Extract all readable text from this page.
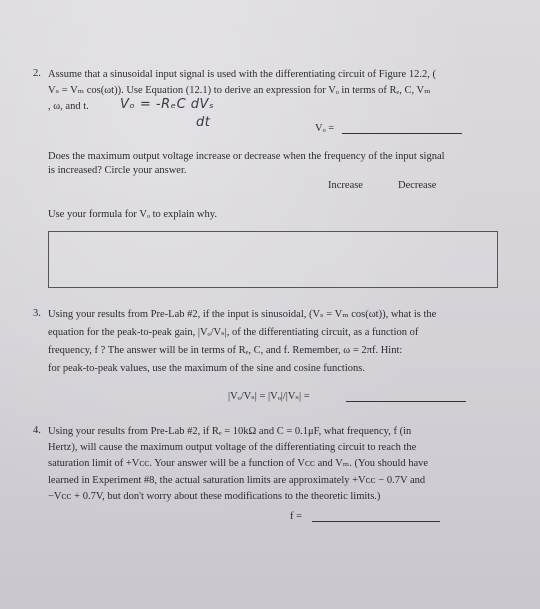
2. Assume that a sinusoidal input signal is used with the differentiating circuit of Figure 12.2, (
Vₛ = Vₘ cos(ωt)). Use Equation (12.1) to derive an expression for Vₒ in terms of Rₑ, C, Vₘ
, ω, and t. Vₒ = -RₑC dVₛ
dt	Vₒ =
Does the maximum output voltage increase or decrease when the frequency of the input signal
is increased? Circle your answer.
Increase	Decrease
Use your formula for Vₒ to explain why.
3. Using your results from Pre-Lab #2, if the input is sinusoidal, (Vₛ = Vₘ cos(ωt)), what is the
equation for the peak-to-peak gain, |Vₒ/Vₛ|, of the differentiating circuit, as a function of
frequency, f ? The answer will be in terms of Rₑ, C, and f. Remember, ω = 2πf. Hint:
for peak-to-peak values, use the maximum of the sine and cosine functions.
|Vₒ/Vₛ| = |Vₒ|/|Vₛ| =
4. Using your results from Pre-Lab #2, if Rₑ = 10kΩ and C = 0.1μF, what frequency, f (in
Hertz), will cause the maximum output voltage of the differentiating circuit to reach the
saturation limit of +Vᴄᴄ. Your answer will be a function of Vᴄᴄ and Vₘ. (You should have
learned in Experiment #8, the actual saturation limits are approximately +Vᴄᴄ − 0.7V and
−Vᴄᴄ + 0.7V, but don't worry about these modifications to the theoretic limits.)
f =
